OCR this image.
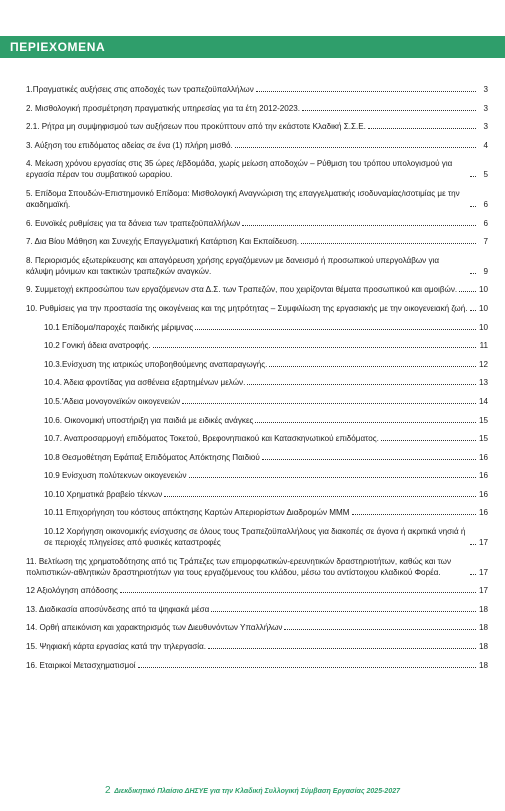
ΠΕΡΙΕΧΟΜΕΝΑ
1.Πραγματικές αυξήσεις στις αποδοχές των τραπεζοϋπαλλήλων	3
2. Μισθολογική προσμέτρηση πραγματικής υπηρεσίας για τα έτη 2012-2023.	3
2.1. Ρήτρα μη συμψηφισμού των αυξήσεων που προκύπτουν από την εκάστοτε Κλαδική Σ.Σ.Ε.	3
3. Αύξηση του επιδόματος αδείας σε ένα (1) πλήρη μισθό.	4
4. Μείωση χρόνου εργασίας στις 35 ώρες /εβδομάδα, χωρίς μείωση αποδοχών – Ρύθμιση του τρόπου υπολογισμού για εργασία πέραν του συμβατικού ωραρίου.	5
5. Επίδομα Σπουδών-Επιστημονικό Επίδομα: Μισθολογική Αναγνώριση της επαγγελματικής ισοδυναμίας/ισοτιμίας με την ακαδημαϊκή.	6
6. Ευνοϊκές ρυθμίσεις για τα δάνεια των τραπεζοϋπαλλήλων	6
7. Δια Βίου Μάθηση και Συνεχής Επαγγελματική Κατάρτιση Και Εκπαίδευση.	7
8. Περιορισμός εξωτερίκευσης και απαγόρευση χρήσης εργαζόμενων με δανεισμό ή προσωπικού υπεργολάβων για κάλυψη μόνιμων και τακτικών τραπεζικών αναγκών.	9
9. Συμμετοχή εκπροσώπου των εργαζόμενων στα Δ.Σ. των Τραπεζών, που χειρίζονται θέματα προσωπικού και αμοιβών.	10
10. Ρυθμίσεις για την προστασία της οικογένειας και της μητρότητας – Συμφιλίωση της εργασιακής με την οικογενειακή ζωή. 10
10.1 Επίδομα/παροχές παιδικής μέριμνας	10
10.2 Γονική άδεια ανατροφής.	11
10.3.Ενίσχυση της ιατρικώς υποβοηθούμενης αναπαραγωγής.	12
10.4. Άδεια φροντίδας για ασθένεια εξαρτημένων μελών.	13
10.5.'Αδεια μονογονεϊκών οικογενειών	14
10.6. Οικονομική υποστήριξη για παιδιά με ειδικές ανάγκες	15
10.7. Αναπροσαρμογή επιδόματος Τοκετού, Βρεφονηπιακού και Κατασκηνωτικού επιδόματος.	15
10.8 Θεσμοθέτηση Εφάπαξ Επιδόματος Απόκτησης Παιδιού	16
10.9 Ενίσχυση πολύτεκνων οικογενειών	16
10.10 Χρηματικά βραβείο τέκνων	16
10.11 Επιχορήγηση του κόστους απόκτησης Καρτών Απεριορίστων Διαδρομών ΜΜΜ	16
10.12 Χορήγηση οικονομικής ενίσχυσης σε όλους τους Τραπεζοϋπαλλήλους για διακοπές σε άγονα ή ακριτικά νησιά ή σε περιοχές πληγείσες από φυσικές καταστροφές	17
11. Βελτίωση της χρηματοδότησης από τις Τράπεζες των επιμορφωτικών-ερευνητικών δραστηριοτήτων, καθώς και των πολιτιστικών-αθλητικών δραστηριοτήτων για τους εργαζόμενους του κλάδου, μέσω του αντίστοιχου κλαδικού Φορέα.	17
12 Αξιολόγηση απόδοσης	17
13. Διαδικασία αποσύνδεσης από τα ψηφιακά μέσα	18
14. Ορθή απεικόνιση και χαρακτηρισμός των Διευθυνόντων Υπαλλήλων	18
15. Ψηφιακή κάρτα εργασίας κατά την τηλεργασία.	18
16. Εταιρικοί Μετασχηματισμοί	18
2 Διεκδικητικό Πλαίσιο ΔΗΣΥΕ για την Κλαδική Συλλογική Σύμβαση Εργασίας 2025-2027
